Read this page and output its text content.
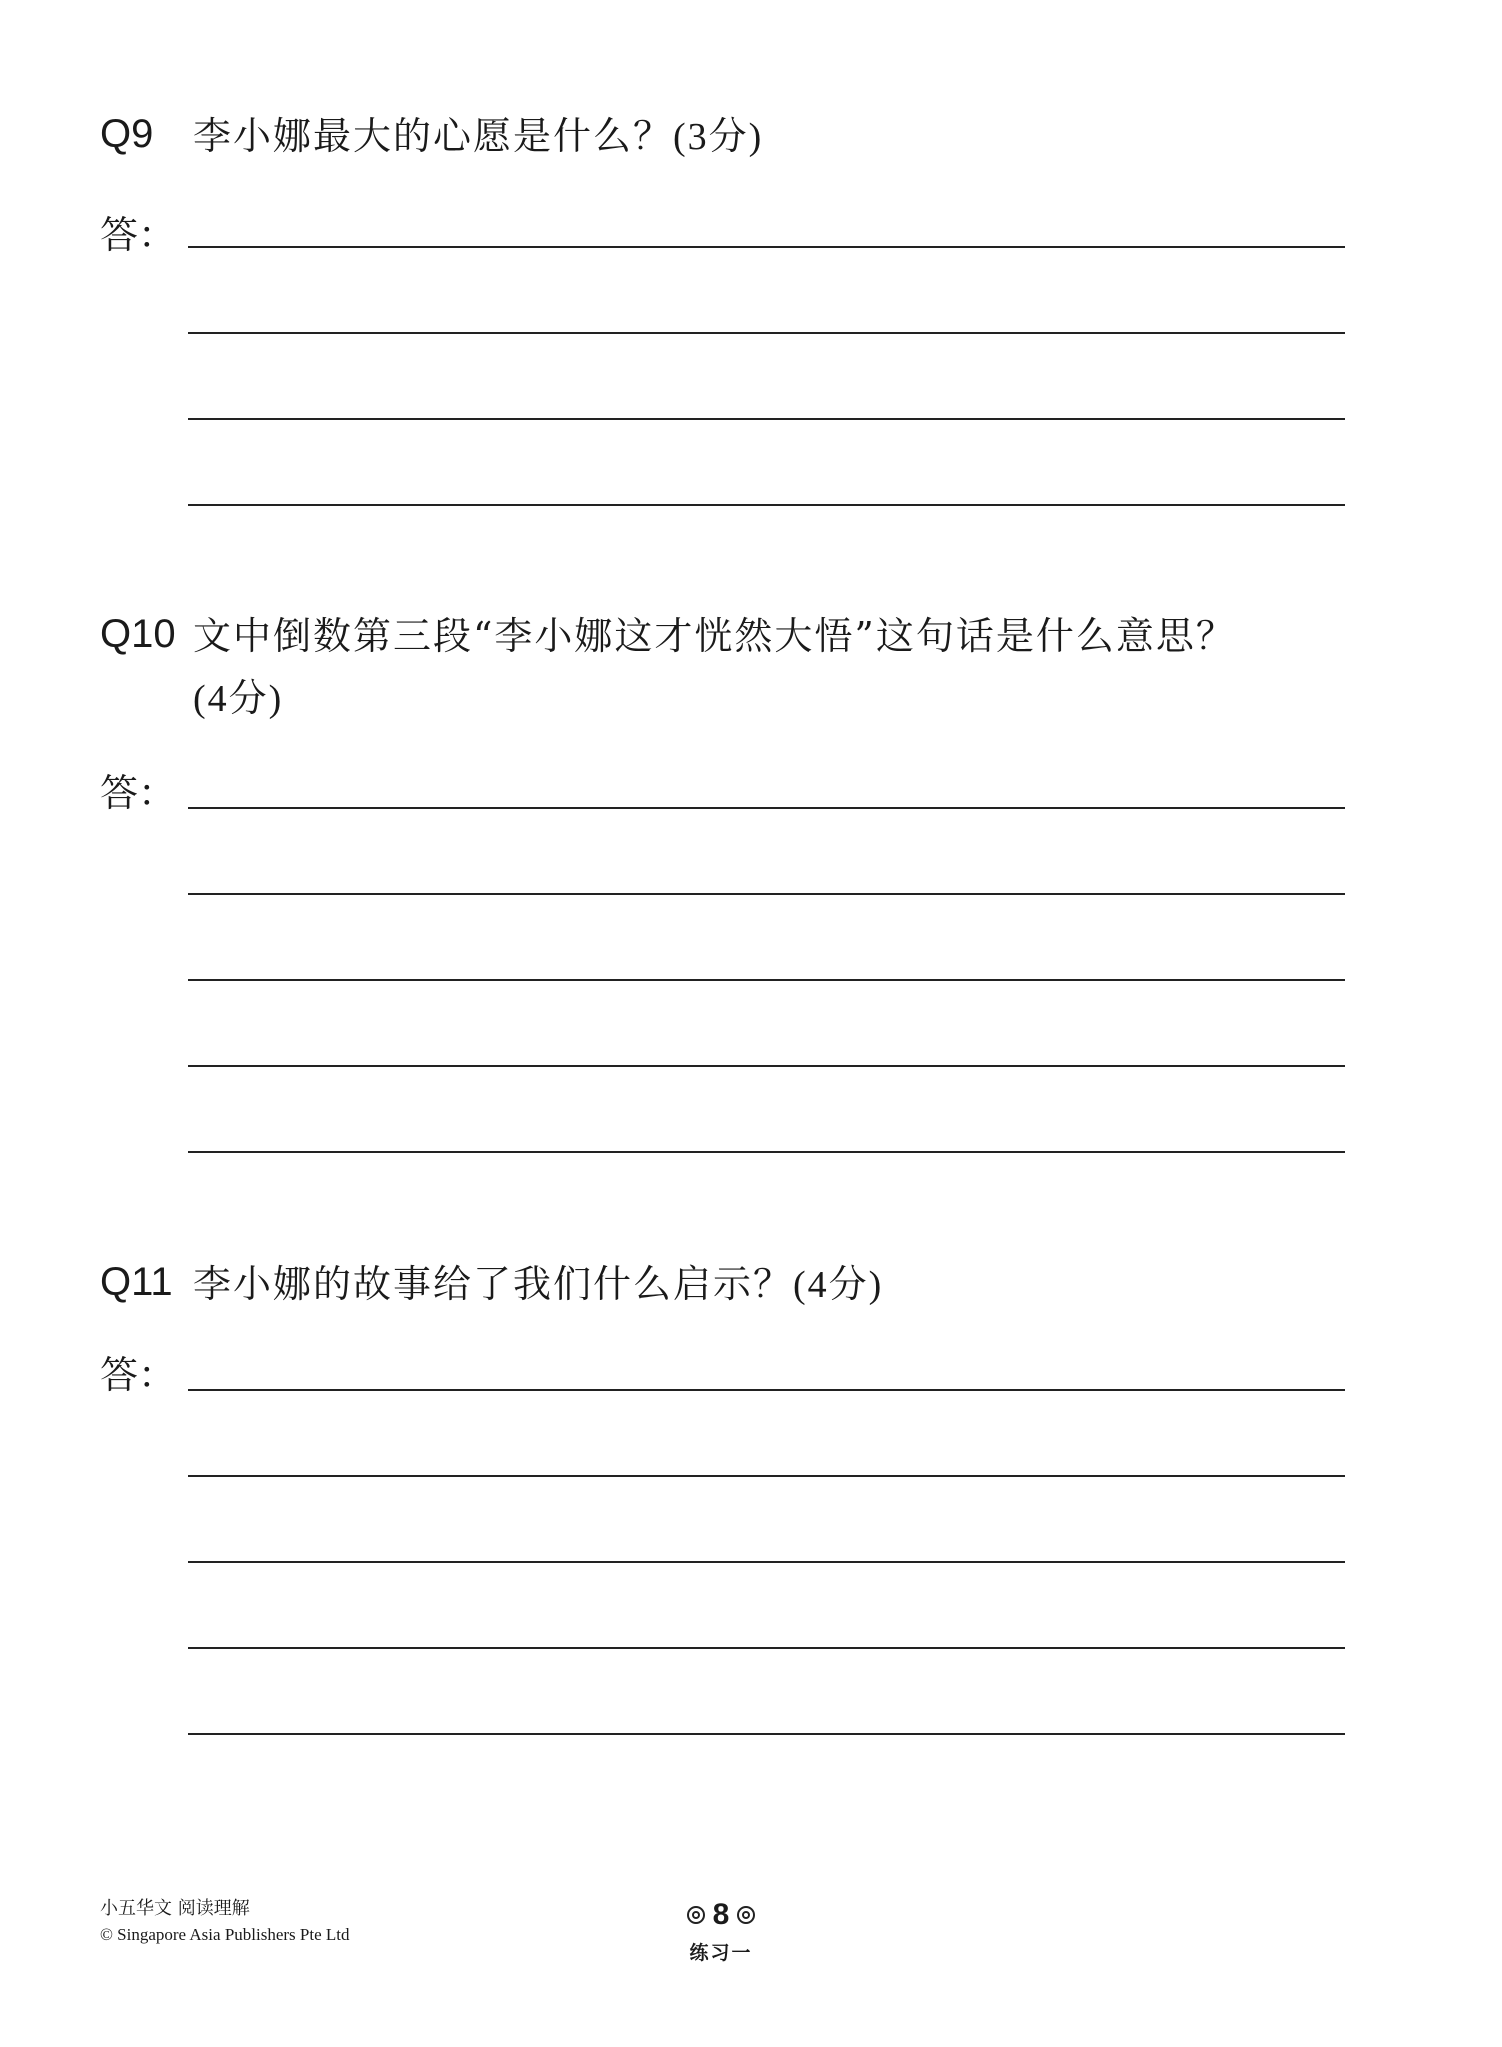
Q9	李小娜最大的心愿是什么？(3分)
答：
Q10 文中倒数第三段“李小娜这才恍然大悟”这句话是什么意思？
(4分)
答：
Q11 李小娜的故事给了我们什么启示？(4分)
答：
小五华文 阅读理解
© Singapore Asia Publishers Pte Ltd
8
练习一
